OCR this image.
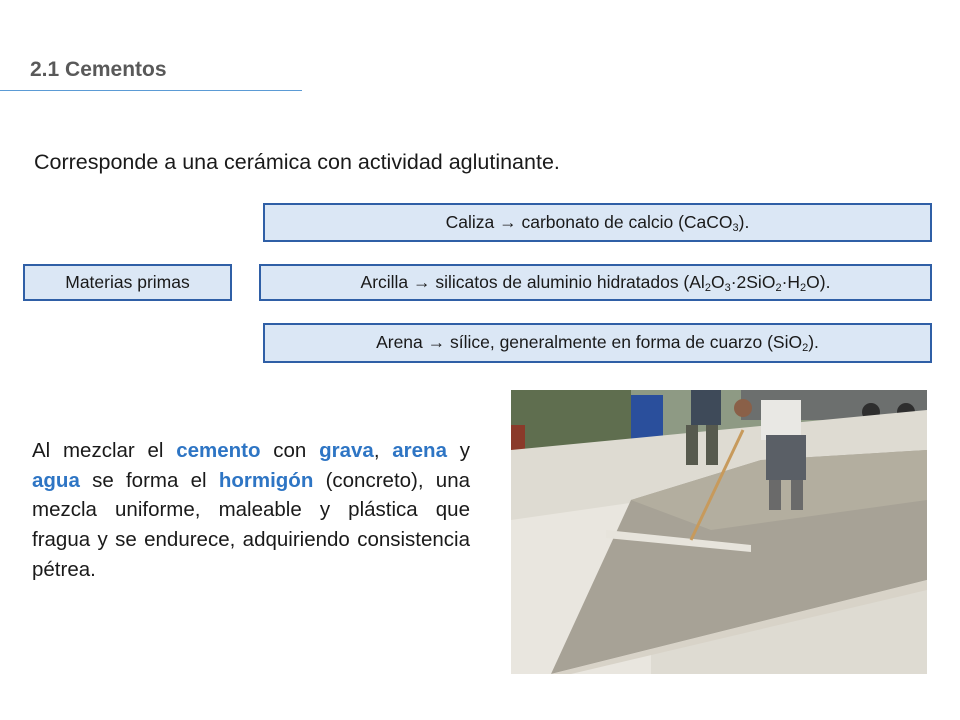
2.1 Cementos
Corresponde a una cerámica con actividad aglutinante.
Materias primas
Caliza → carbonato de calcio (CaCO$_3$).
Arcilla → silicatos de aluminio hidratados $(Al_2O_3\cdot 2SiO_2\cdot H_2O)$.
Arena → sílice, generalmente en forma de cuarzo (SiO$_2$).
Al mezclar el cemento con grava, arena y agua se forma el hormigón (concreto), una mezcla uniforme, maleable y plástica que fragua y se endurece, adquiriendo consistencia pétrea.
